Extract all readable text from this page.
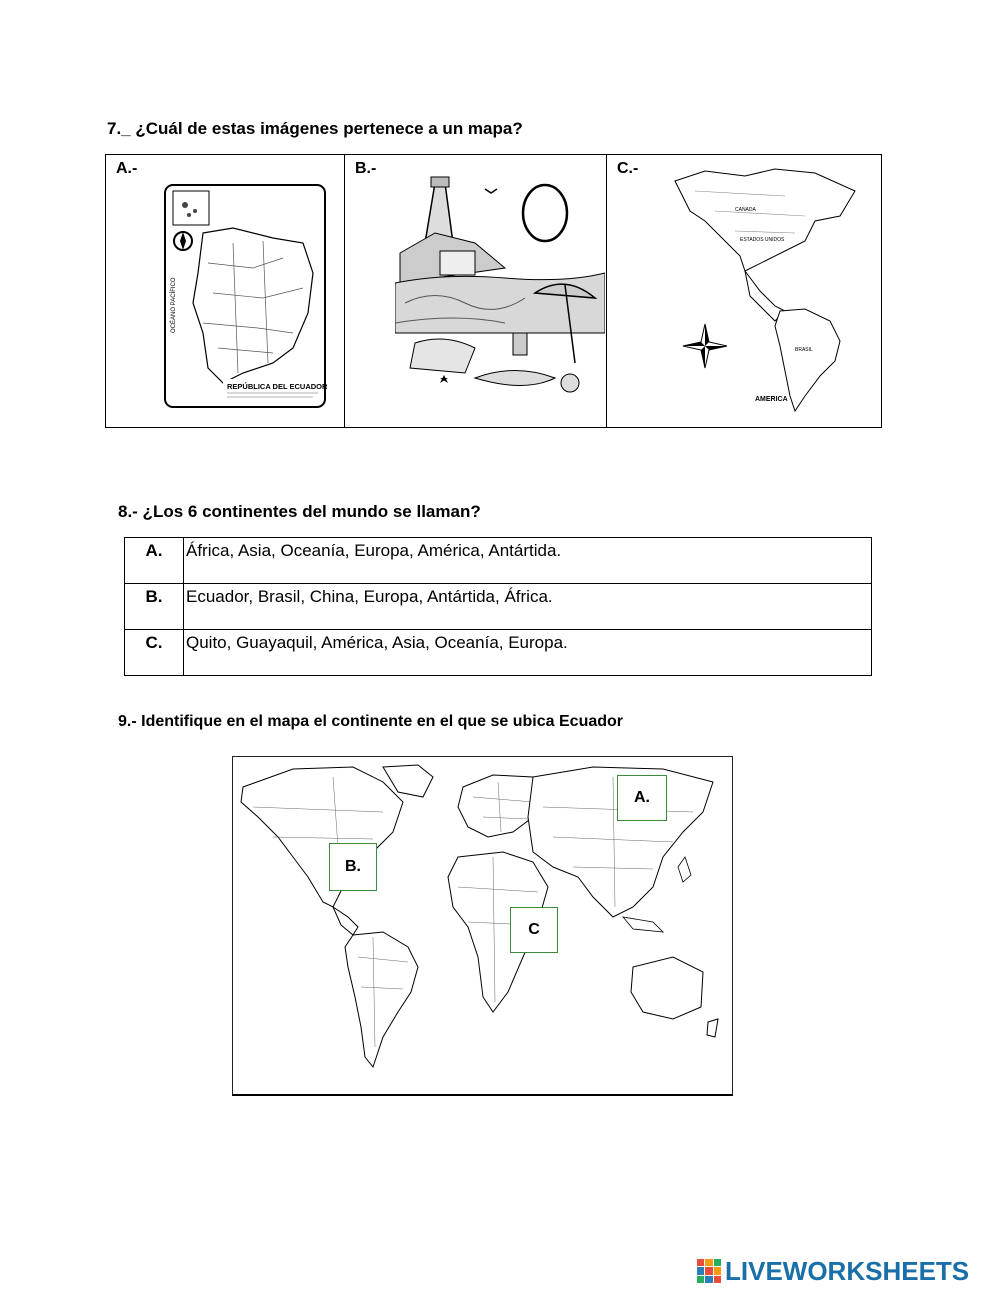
7._ ¿Cuál de estas imágenes pertenece a un mapa?

A.-
OCÉANO PACÍFICO
REPÚBLICA DEL ECUADOR

B.-	C.-
CANADA
ESTADOS UNIDOS
BRASIL
AMERICA

8.- ¿Los 6 continentes del mundo se llaman?

A.	África, Asia, Oceanía, Europa, América, Antártida.
B.	Ecuador, Brasil, China, Europa, Antártida, África.
C.	Quito, Guayaquil, América, Asia, Oceanía, Europa.

9.- Identifique en el mapa el continente en el que se ubica Ecuador

A.
B.
C
LIVEWORKSHEETS
